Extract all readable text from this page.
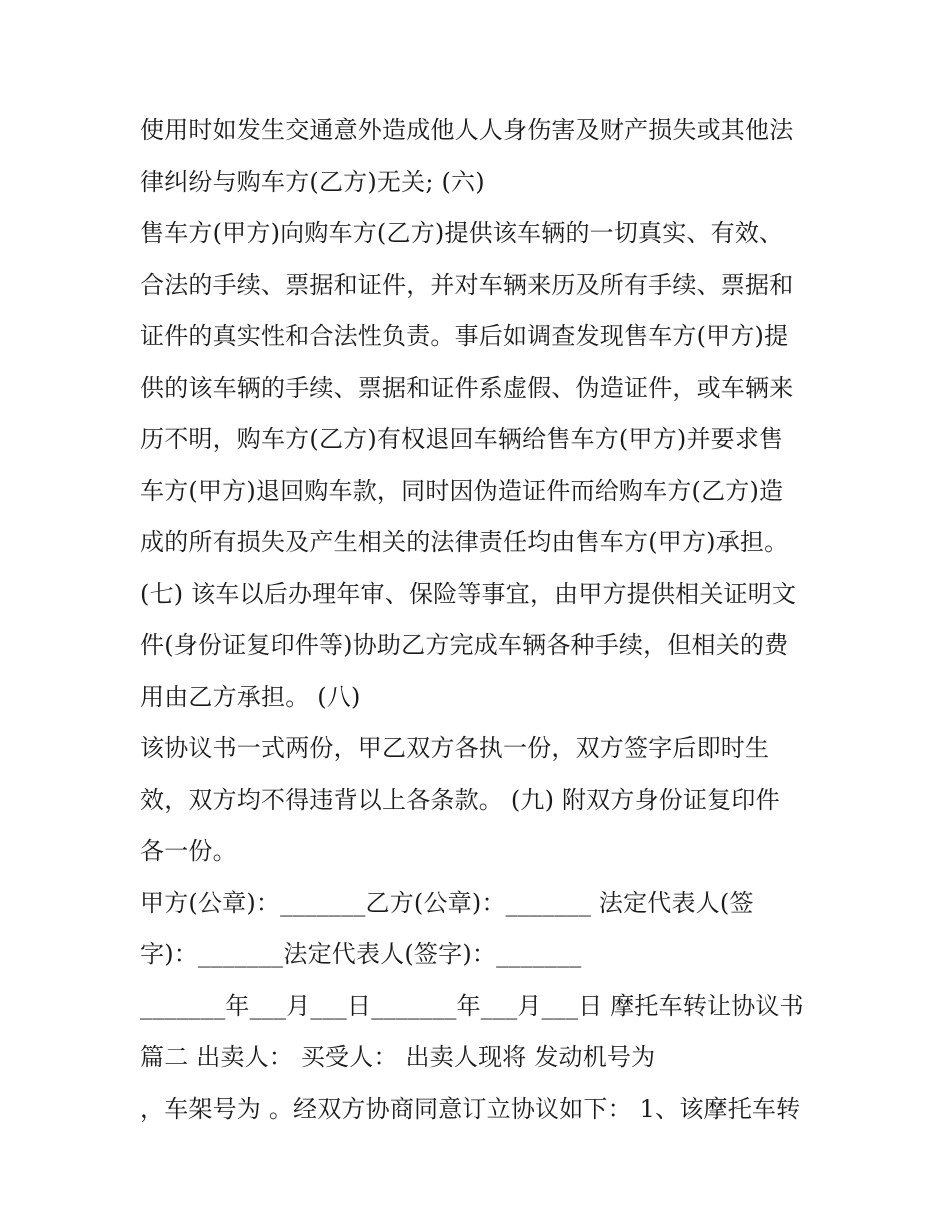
使用时如发生交通意外造成他人人身伤害及财产损失或其他法
律纠纷与购车方(乙方)无关; (六)
售车方(甲方)向购车方(乙方)提供该车辆的一切真实、有效、
合法的手续、票据和证件，并对车辆来历及所有手续、票据和
证件的真实性和合法性负责。事后如调查发现售车方(甲方)提
供的该车辆的手续、票据和证件系虚假、伪造证件，或车辆来
历不明，购车方(乙方)有权退回车辆给售车方(甲方)并要求售
车方(甲方)退回购车款，同时因伪造证件而给购车方(乙方)造
成的所有损失及产生相关的法律责任均由售车方(甲方)承担。
(七) 该车以后办理年审、保险等事宜，由甲方提供相关证明文
件(身份证复印件等)协助乙方完成车辆各种手续，但相关的费
用由乙方承担。 (八)
该协议书一式两份，甲乙双方各执一份，双方签字后即时生
效，双方均不得违背以上各条款。 (九) 附双方身份证复印件
各一份。
甲方(公章)：_______乙方(公章)：_______ 法定代表人(签
字)：_______法定代表人(签字)：_______
_______年___月___日_______年___月___日 摩托车转让协议书
篇二 出卖人： 买受人： 出卖人现将 发动机号为
，车架号为 。经双方协商同意订立协议如下： 1、该摩托车转
